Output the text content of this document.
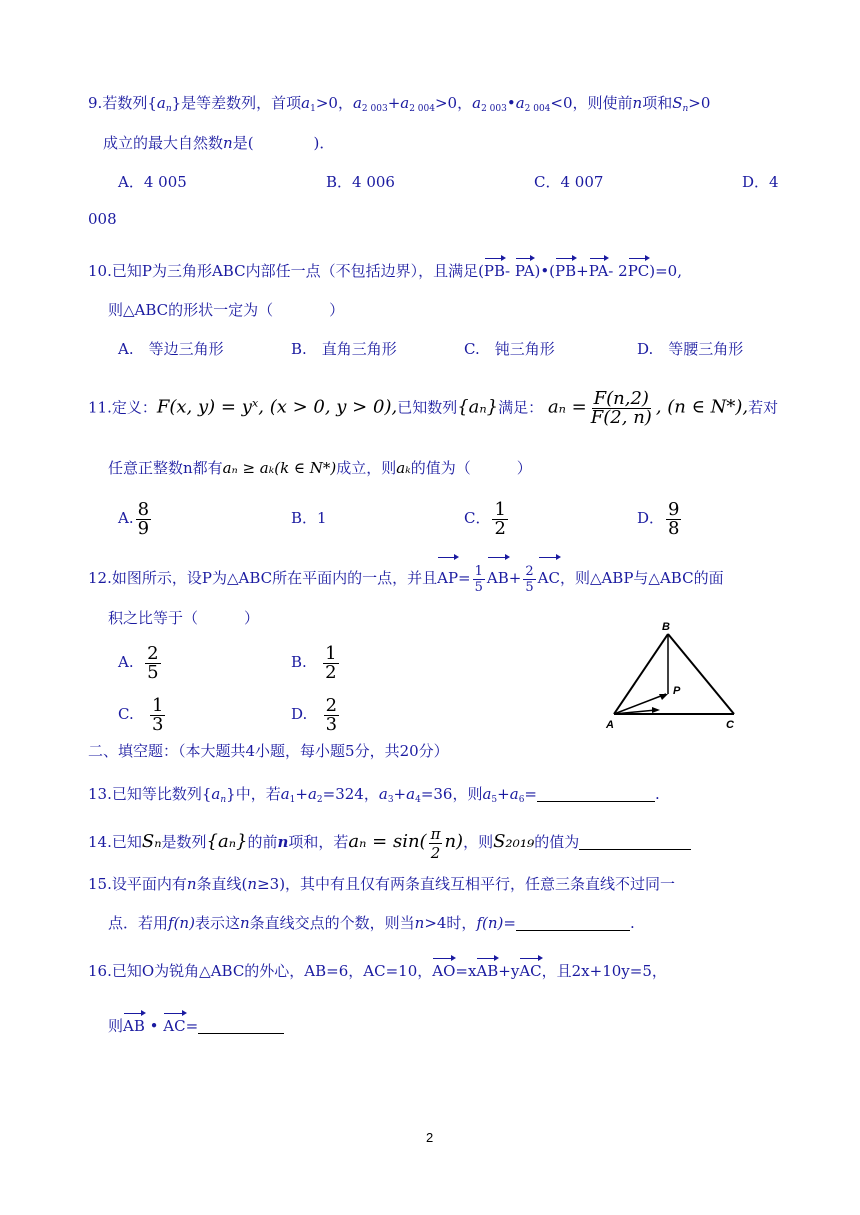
9.若数列$\{a_n\}$是等差数列，首项$a_1>0$，$a_{2 003}+a_{2 004}>0$，$a_{2 003}•a_{2 004}<0$，则使前n项和$S_n>0$
成立的最大自然数n是(	)．
A．4 005	B．4 006	C．4 007	D．4
008
10.已知P为三角形ABC内部任一点（不包括边界），且满足(PB- PA)•(PB+PA- 2PC)=0,
则△ABC的形状一定为（	）
A.　等边三角形	B.　直角三角形	C.　钝三角形	D.　等腰三角形
11.定义：F(x, y) = yˣ, (x > 0, y > 0),已知数列{aₙ}满足： $a_n = \frac{F(n,2)}{F(2, n)}$ , (n ∈ N*),若对
任意正整数n都有aₙ ≥ aₖ(k ∈ N*)成立，则aₖ的值为（	）
A. $\frac{8}{9}$	B．1	C． $\frac{1}{2}$	D． $\frac{9}{8}$
12.如图所示，设P为△ABC所在平面内的一点，并且$AP= \frac{1}{5} AB+ \frac{2}{5}$ AC，则△ABP与△ABC的面
积之比等于（	）
A. $\frac{2}{5}$	B. $\frac{1}{2}$
C. $\frac{1}{3}$	D. $\frac{2}{3}$
B
P
A	C
二、填空题：（本大题共4小题，每小题5分，共20分）
13.已知等比数列$\{a_n\}$中，若$a_1+a_2=324$，$a_3+a_4=36$，则$a_5+a_6=$	.
14.已知Sₙ是数列{aₙ}的前n项和，若$a_n = \sin( \frac{\pi}{2} n)$，则S₂₀₁₉的值为
15.设平面内有n条直线(n≥3)，其中有且仅有两条直线互相平行，任意三条直线不过同一
点．若用f(n)表示这n条直线交点的个数，则当n>4时，f(n)=	.
16.已知O为锐角△ABC的外心，AB=6，AC=10，AO=xAB+yAC，且2x+10y=5，
则AB • AC=
2
